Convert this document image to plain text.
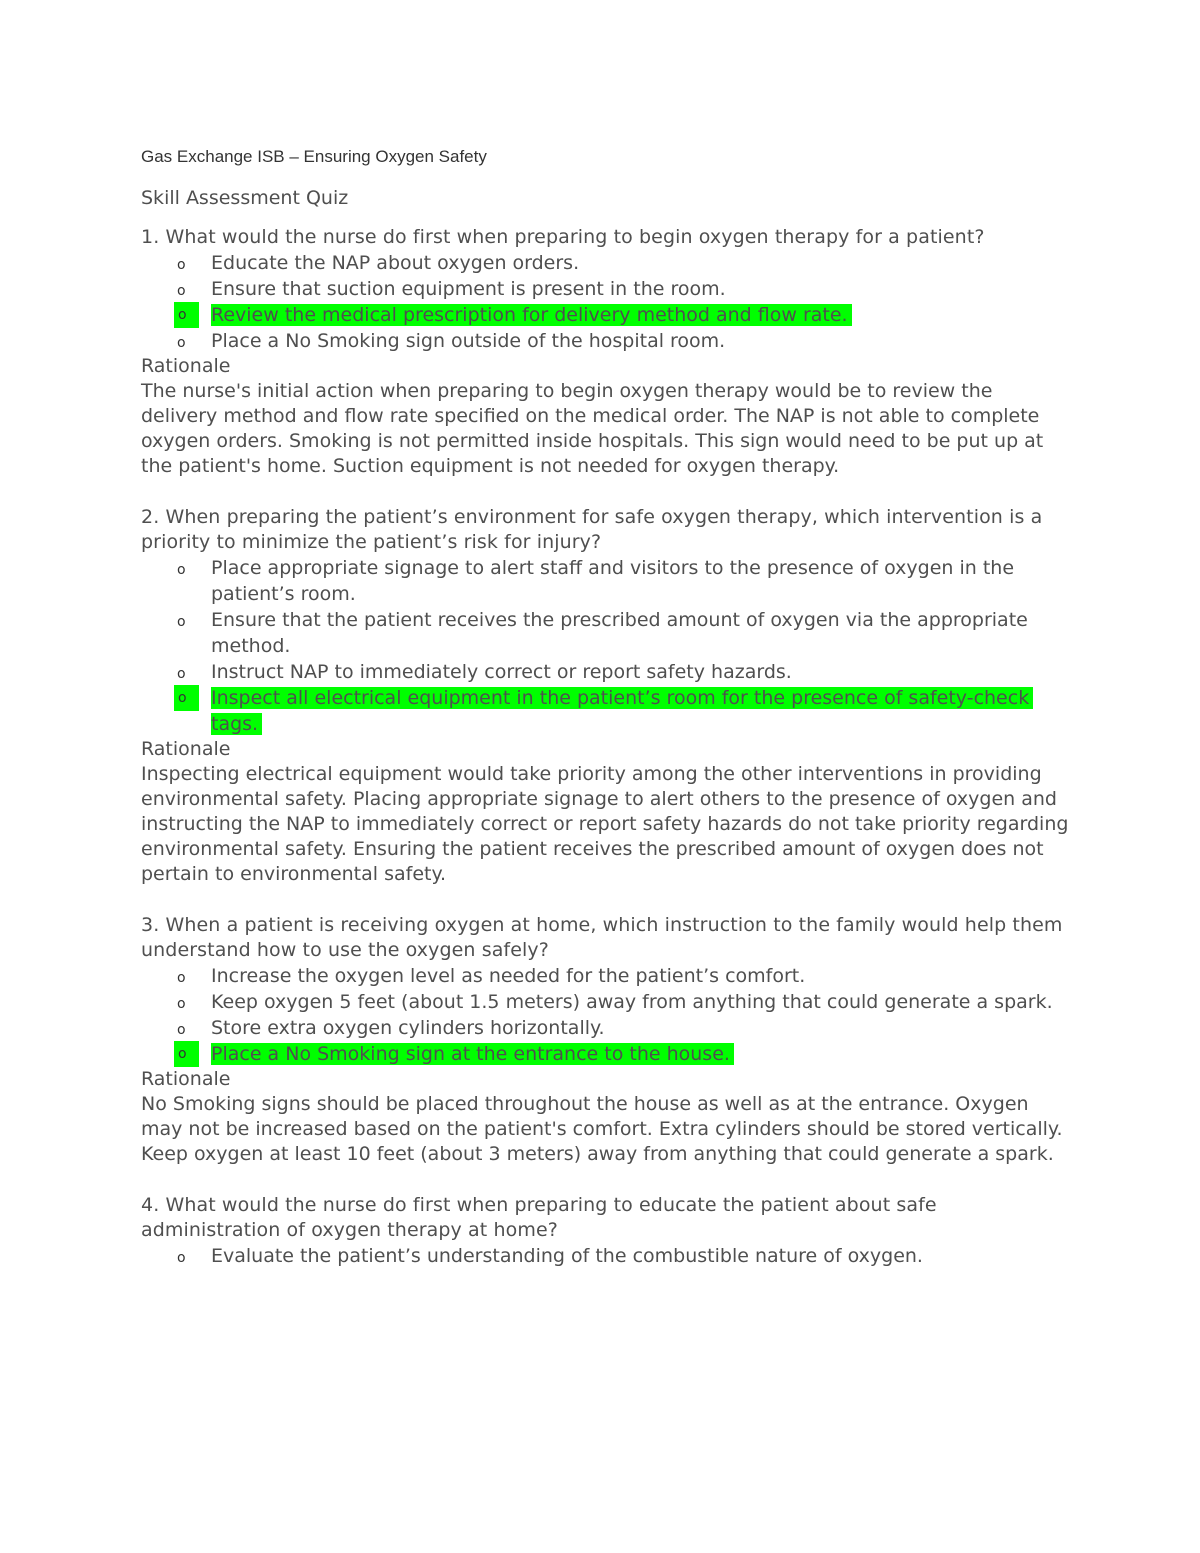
Gas Exchange ISB – Ensuring Oxygen Safety
Skill Assessment Quiz
1. What would the nurse do first when preparing to begin oxygen therapy for a patient?
o Educate the NAP about oxygen orders.
o Ensure that suction equipment is present in the room.
o	Review the medical prescription for delivery method and flow rate.
o Place a No Smoking sign outside of the hospital room.
Rationale
The nurse's initial action when preparing to begin oxygen therapy would be to review the delivery method and flow rate specified on the medical order. The NAP is not able to complete oxygen orders. Smoking is not permitted inside hospitals. This sign would need to be put up at the patient's home. Suction equipment is not needed for oxygen therapy.
2. When preparing the patient’s environment for safe oxygen therapy, which intervention is a priority to minimize the patient’s risk for injury?
o Place appropriate signage to alert staff and visitors to the presence of oxygen in the patient’s room.
o Ensure that the patient receives the prescribed amount of oxygen via the appropriate method.
o Instruct NAP to immediately correct or report safety hazards.
o	Inspect all electrical equipment in the patient’s room for the presence of safety-check tags.
Rationale
Inspecting electrical equipment would take priority among the other interventions in providing environmental safety. Placing appropriate signage to alert others to the presence of oxygen and instructing the NAP to immediately correct or report safety hazards do not take priority regarding environmental safety. Ensuring the patient receives the prescribed amount of oxygen does not pertain to environmental safety.
3. When a patient is receiving oxygen at home, which instruction to the family would help them understand how to use the oxygen safely?
o Increase the oxygen level as needed for the patient’s comfort.
o Keep oxygen 5 feet (about 1.5 meters) away from anything that could generate a spark.
o Store extra oxygen cylinders horizontally.
o	Place a No Smoking sign at the entrance to the house.
Rationale
No Smoking signs should be placed throughout the house as well as at the entrance. Oxygen may not be increased based on the patient's comfort. Extra cylinders should be stored vertically. Keep oxygen at least 10 feet (about 3 meters) away from anything that could generate a spark.
4. What would the nurse do first when preparing to educate the patient about safe administration of oxygen therapy at home?
o Evaluate the patient’s understanding of the combustible nature of oxygen.
